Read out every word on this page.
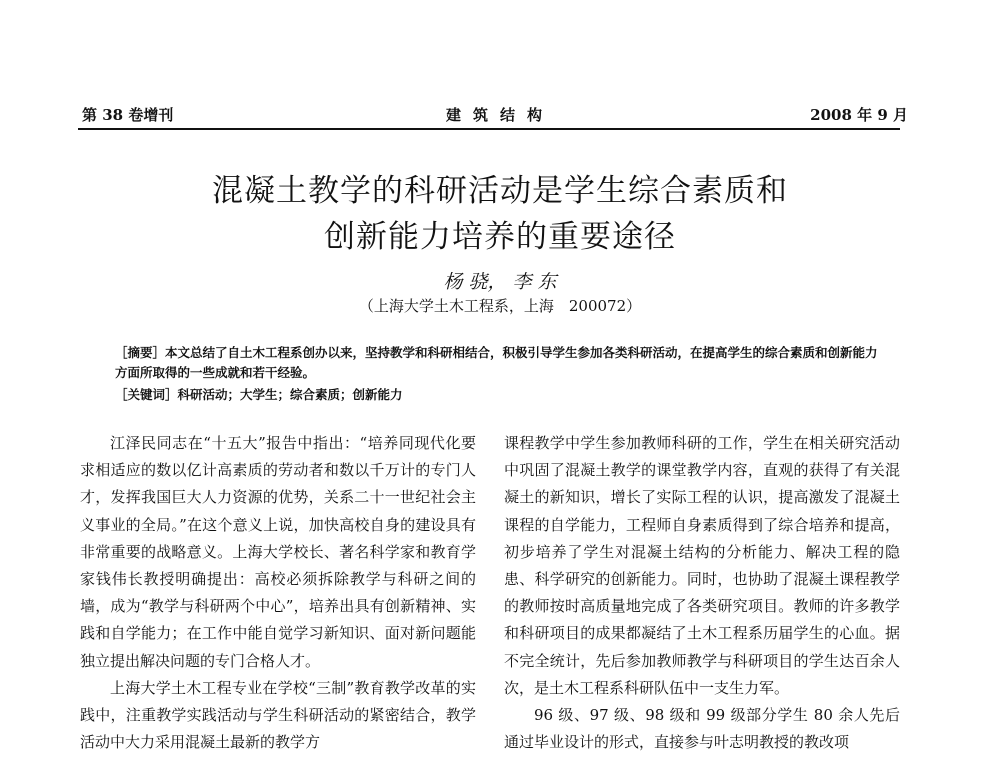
第 38 卷增刊	建筑结构	2008 年 9 月
混凝土教学的科研活动是学生综合素质和
创新能力培养的重要途径
杨 骁， 李 东
（上海大学土木工程系，上海　200072）
［摘要］本文总结了自土木工程系创办以来，坚持教学和科研相结合，积极引导学生参加各类科研活动，在提高学生的综合素质和创新能力方面所取得的一些成就和若干经验。
［关键词］科研活动；大学生；综合素质；创新能力

江泽民同志在“十五大”报告中指出：“培养同现代化要求相适应的数以亿计高素质的劳动者和数以千万计的专门人才，发挥我国巨大人力资源的优势，关系二十一世纪社会主义事业的全局。”在这个意义上说，加快高校自身的建设具有非常重要的战略意义。上海大学校长、著名科学家和教育学家钱伟长教授明确提出：高校必须拆除教学与科研之间的墙，成为“教学与科研两个中心”，培养出具有创新精神、实践和自学能力；在工作中能自觉学习新知识、面对新问题能独立提出解决问题的专门合格人才。

上海大学土木工程专业在学校“三制”教育教学改革的实践中，注重教学实践活动与学生科研活动的紧密结合，教学活动中大力采用混凝土最新的教学方

课程教学中学生参加教师科研的工作，学生在相关研究活动中巩固了混凝土教学的课堂教学内容，直观的获得了有关混凝土的新知识，增长了实际工程的认识，提高激发了混凝土课程的自学能力，工程师自身素质得到了综合培养和提高，初步培养了学生对混凝土结构的分析能力、解决工程的隐患、科学研究的创新能力。同时，也协助了混凝土课程教学的教师按时高质量地完成了各类研究项目。教师的许多教学和科研项目的成果都凝结了土木工程系历届学生的心血。据不完全统计，先后参加教师教学与科研项目的学生达百余人次，是土木工程系科研队伍中一支生力军。

96 级、97 级、98 级和 99 级部分学生 80 余人先后通过毕业设计的形式，直接参与叶志明教授的教改项
